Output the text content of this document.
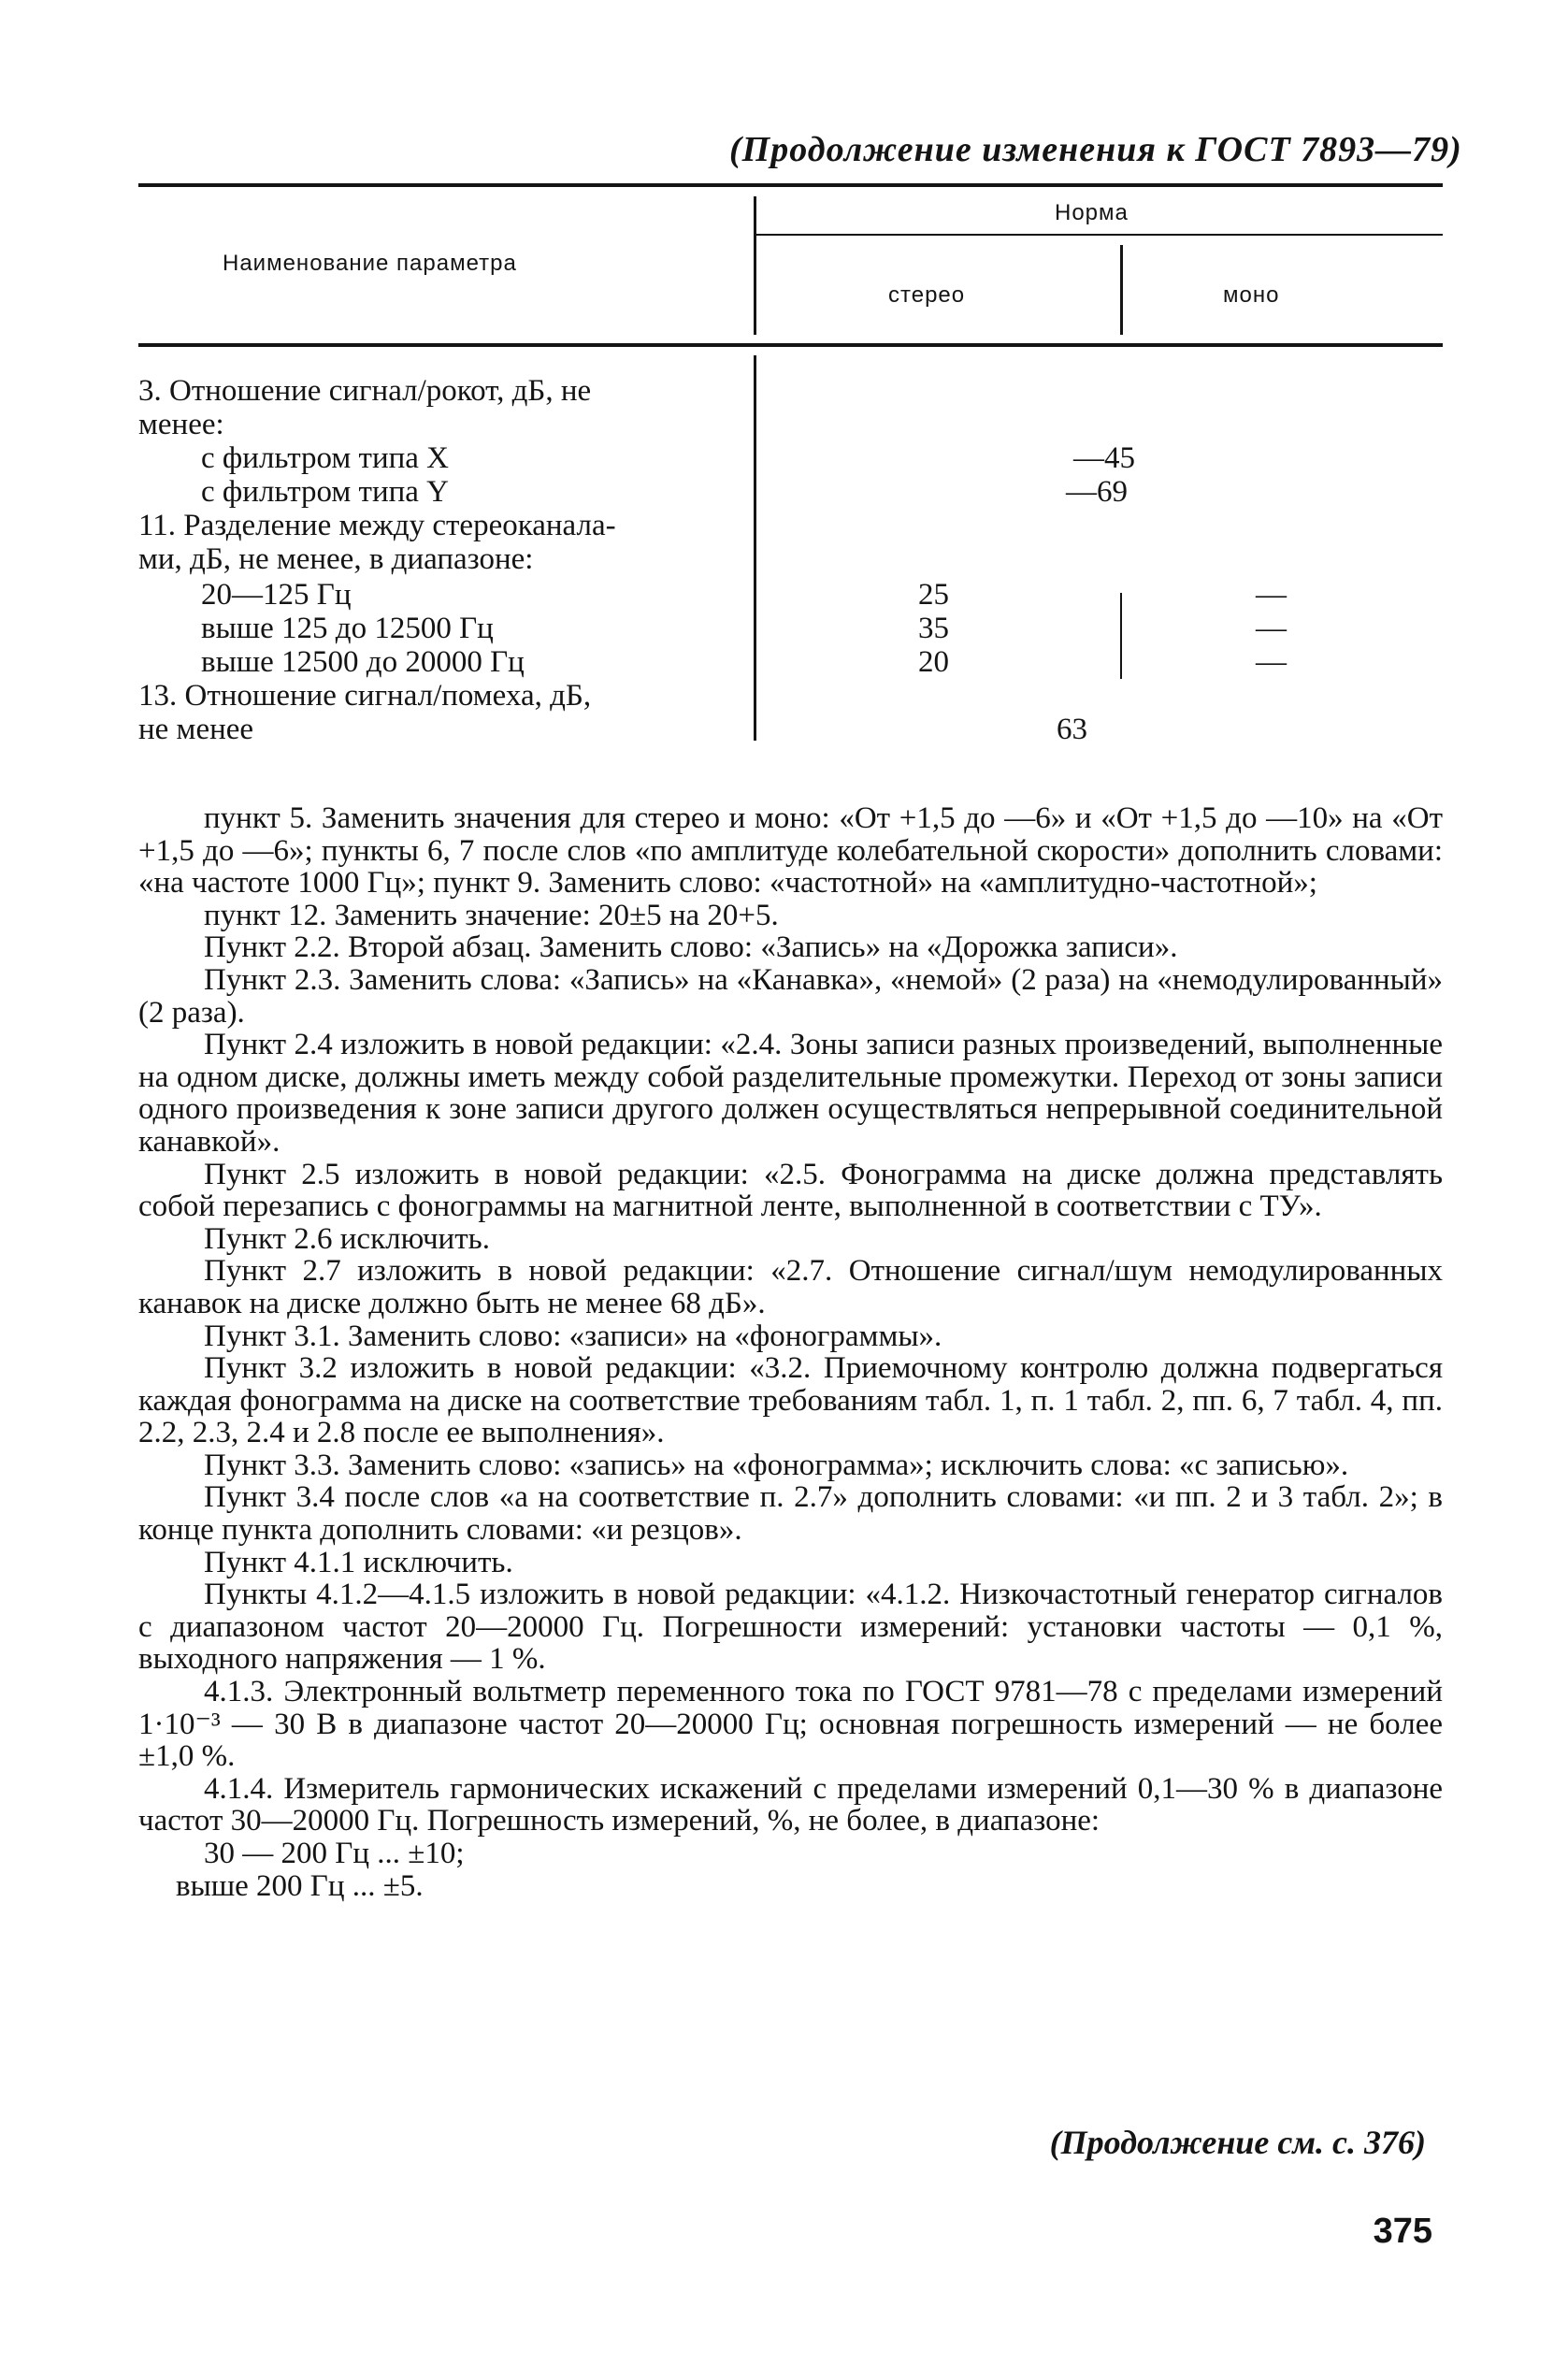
(Продолжение изменения к ГОСТ 7893—79)
Наименование параметра
Норма
стерео	моно
3. Отношение сигнал/рокот, дБ, не
менее:
с фильтром типа X	—45
с фильтром типа Y	—69
11. Разделение между стереоканала-
ми, дБ, не менее, в диапазоне:
20—125 Гц	25	—
выше 125 до 12500 Гц	35	—
выше 12500 до 20000 Гц	20	—
13. Отношение сигнал/помеха, дБ,
не менее	63

пункт 5. Заменить значения для стерео и моно: «От +1,5 до —6» и «От +1,5 до —10» на «От +1,5 до —6»; пункты 6, 7 после слов «по амплитуде колебательной скорости» дополнить словами: «на частоте 1000 Гц»; пункт 9. Заменить слово: «частотной» на «амплитудно-частотной»;

пункт 12. Заменить значение: 20±5 на 20+5.

Пункт 2.2. Второй абзац. Заменить слово: «Запись» на «Дорожка записи».

Пункт 2.3. Заменить слова: «Запись» на «Канавка», «немой» (2 раза) на «немодулированный» (2 раза).

Пункт 2.4 изложить в новой редакции: «2.4. Зоны записи разных произведений, выполненные на одном диске, должны иметь между собой разделительные промежутки. Переход от зоны записи одного произведения к зоне записи другого должен осуществляться непрерывной соединительной канавкой».

Пункт 2.5 изложить в новой редакции: «2.5. Фонограмма на диске должна представлять собой перезапись с фонограммы на магнитной ленте, выполненной в соответствии с ТУ».

Пункт 2.6 исключить.

Пункт 2.7 изложить в новой редакции: «2.7. Отношение сигнал/шум немодулированных канавок на диске должно быть не менее 68 дБ».

Пункт 3.1. Заменить слово: «записи» на «фонограммы».

Пункт 3.2 изложить в новой редакции: «3.2. Приемочному контролю должна подвергаться каждая фонограмма на диске на соответствие требованиям табл. 1, п. 1 табл. 2, пп. 6, 7 табл. 4, пп. 2.2, 2.3, 2.4 и 2.8 после ее выполнения».

Пункт 3.3. Заменить слово: «запись» на «фонограмма»; исключить слова: «с записью».

Пункт 3.4 после слов «а на соответствие п. 2.7» дополнить словами: «и пп. 2 и 3 табл. 2»; в конце пункта дополнить словами: «и резцов».

Пункт 4.1.1 исключить.

Пункты 4.1.2—4.1.5 изложить в новой редакции: «4.1.2. Низкочастотный генератор сигналов с диапазоном частот 20—20000 Гц. Погрешности измерений: установки частоты — 0,1 %, выходного напряжения — 1 %.

4.1.3. Электронный вольтметр переменного тока по ГОСТ 9781—78 с пределами измерений 1·10⁻³ — 30 В в диапазоне частот 20—20000 Гц; основная погрешность измерений — не более ±1,0 %.

4.1.4. Измеритель гармонических искажений с пределами измерений 0,1—30 % в диапазоне частот 30—20000 Гц. Погрешность измерений, %, не более, в диапазоне:

30 — 200 Гц ... ±10;

выше 200 Гц ... ±5.

(Продолжение см. с. 376)
375
